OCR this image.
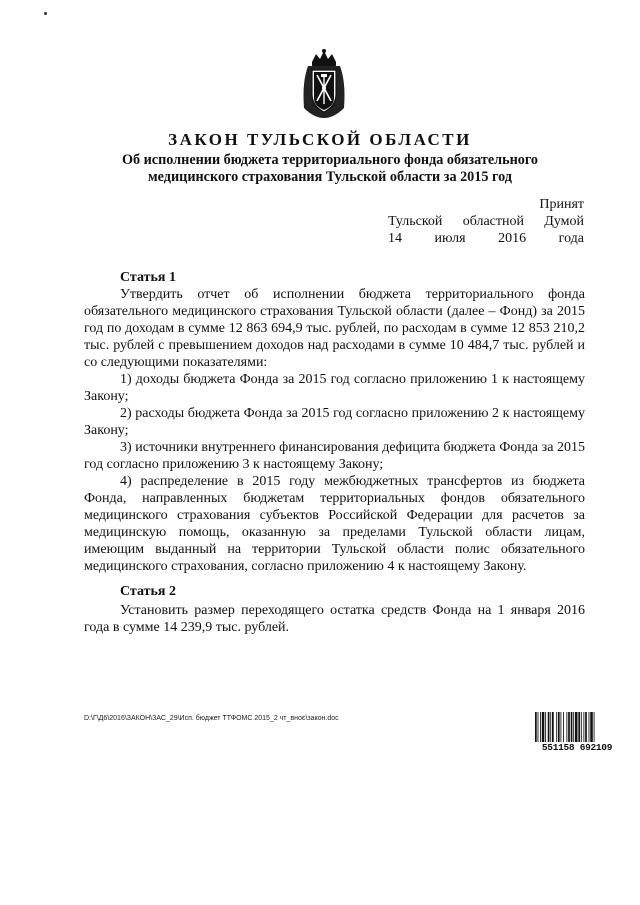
ЗАКОН ТУЛЬСКОЙ ОБЛАСТИ
Об исполнении бюджета территориального фонда обязательного
медицинского страхования Тульской области за 2015 год
Принят
Тульской областной Думой
14 июля 2016 года
Статья 1

Утвердить отчет об исполнении бюджета территориального фонда обязательного медицинского страхования Тульской области (далее – Фонд) за 2015 год по доходам в сумме 12 863 694,9 тыс. рублей, по расходам в сумме 12 853 210,2 тыс. рублей с превышением доходов над расходами в сумме 10 484,7 тыс. рублей и со следующими показателями:

1) доходы бюджета Фонда за 2015 год согласно приложению 1 к настоящему Закону;

2) расходы бюджета Фонда за 2015 год согласно приложению 2 к настоящему Закону;

3) источники внутреннего финансирования дефицита бюджета Фонда за 2015 год согласно приложению 3 к настоящему Закону;

4) распределение в 2015 году межбюджетных трансфертов из бюджета Фонда, направленных бюджетам территориальных фондов обязательного медицинского страхования субъектов Российской Федерации для расчетов за медицинскую помощь, оказанную за пределами Тульской области лицам, имеющим выданный на территории Тульской области полис обязательного медицинского страхования, согласно приложению 4 к настоящему Закону.

Статья 2

Установить размер переходящего остатка средств Фонда на 1 января 2016 года в сумме 14 239,9 тыс. рублей.

D:\Г\Д6\2016\ЗАКОН\ЗАС_29\Исп. бюджет ТТФОМС 2015_2 чт_вноє\закон.doc
551158 692109
